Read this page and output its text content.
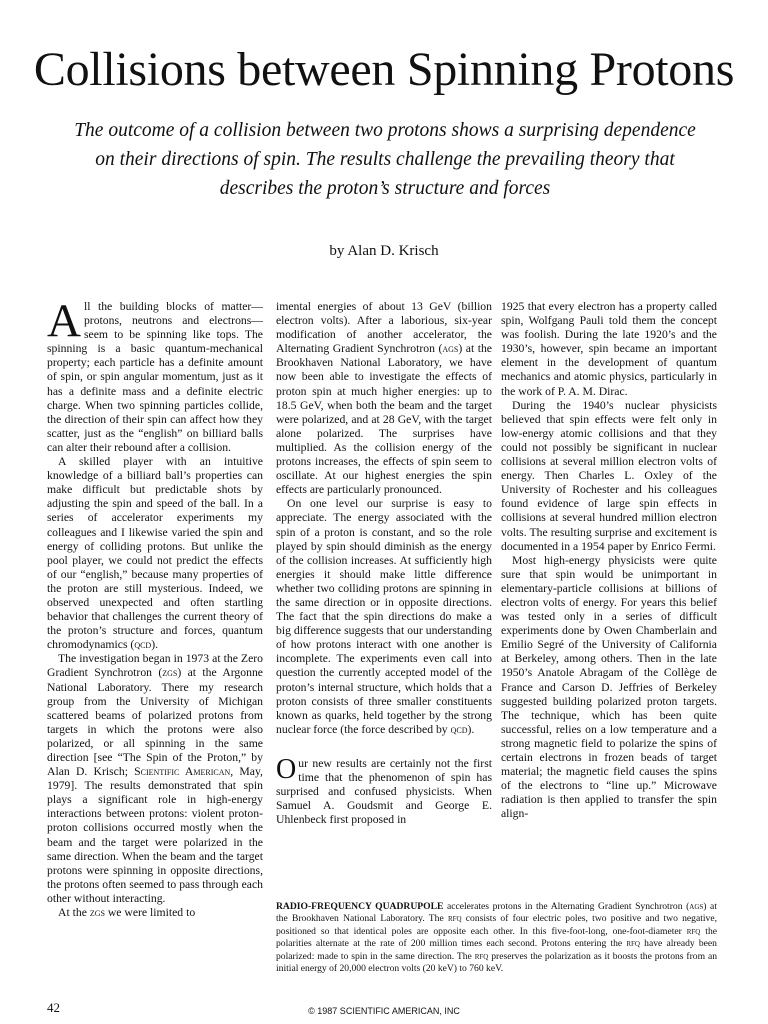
Collisions between Spinning Protons

The outcome of a collision between two protons shows a surprising dependence on their directions of spin. The results challenge the prevailing theory that describes the proton’s structure and forces

by Alan D. Krisch

All the building blocks of matter—protons, neutrons and electrons—seem to be spinning like tops. The spinning is a basic quantum-mechanical property; each particle has a definite amount of spin, or spin angular momentum, just as it has a definite mass and a definite electric charge. When two spinning particles collide, the direction of their spin can affect how they scatter, just as the “english” on billiard balls can alter their rebound after a collision.

A skilled player with an intuitive knowledge of a billiard ball’s properties can make difficult but predictable shots by adjusting the spin and speed of the ball. In a series of accelerator experiments my colleagues and I likewise varied the spin and energy of colliding protons. But unlike the pool player, we could not predict the effects of our “english,” because many properties of the proton are still mysterious. Indeed, we observed unexpected and often startling behavior that challenges the current theory of the proton’s structure and forces, quantum chromodynamics (qcd).

The investigation began in 1973 at the Zero Gradient Synchrotron (zgs) at the Argonne National Laboratory. There my research group from the University of Michigan scattered beams of polarized protons from targets in which the protons were also polarized, or all spinning in the same direction [see “The Spin of the Proton,” by Alan D. Krisch; Scientific American, May, 1979]. The results demonstrated that spin plays a significant role in high-energy interactions between protons: violent proton-proton collisions occurred mostly when the beam and the target were polarized in the same direction. When the beam and the target protons were spinning in opposite directions, the protons often seemed to pass through each other without interacting.

At the zgs we were limited to

imental energies of about 13 GeV (billion electron volts). After a laborious, six-year modification of another accelerator, the Alternating Gradient Synchrotron (ags) at the Brookhaven National Laboratory, we have now been able to investigate the effects of proton spin at much higher energies: up to 18.5 GeV, when both the beam and the target were polarized, and at 28 GeV, with the target alone polarized. The surprises have multiplied. As the collision energy of the protons increases, the effects of spin seem to oscillate. At our highest energies the spin effects are particularly pronounced.

On one level our surprise is easy to appreciate. The energy associated with the spin of a proton is constant, and so the role played by spin should diminish as the energy of the collision increases. At sufficiently high energies it should make little difference whether two colliding protons are spinning in the same direction or in opposite directions. The fact that the spin directions do make a big difference suggests that our understanding of how protons interact with one another is incomplete. The experiments even call into question the currently accepted model of the proton’s internal structure, which holds that a proton consists of three smaller constituents known as quarks, held together by the strong nuclear force (the force described by qcd).

Our new results are certainly not the first time that the phenomenon of spin has surprised and confused physicists. When Samuel A. Goudsmit and George E. Uhlenbeck first proposed in

1925 that every electron has a property called spin, Wolfgang Pauli told them the concept was foolish. During the late 1920’s and the 1930’s, however, spin became an important element in the development of quantum mechanics and atomic physics, particularly in the work of P. A. M. Dirac.

During the 1940’s nuclear physicists believed that spin effects were felt only in low-energy atomic collisions and that they could not possibly be significant in nuclear collisions at several million electron volts of energy. Then Charles L. Oxley of the University of Rochester and his colleagues found evidence of large spin effects in collisions at several hundred million electron volts. The resulting surprise and excitement is documented in a 1954 paper by Enrico Fermi.

Most high-energy physicists were quite sure that spin would be unimportant in elementary-particle collisions at billions of electron volts of energy. For years this belief was tested only in a series of difficult experiments done by Owen Chamberlain and Emilio Segré of the University of California at Berkeley, among others. Then in the late 1950’s Anatole Abragam of the Collège de France and Carson D. Jeffries of Berkeley suggested building polarized proton targets. The technique, which has been quite successful, relies on a low temperature and a strong magnetic field to polarize the spins of certain electrons in frozen beads of target material; the magnetic field causes the spins of the electrons to “line up.” Microwave radiation is then applied to transfer the spin align-

RADIO-FREQUENCY QUADRUPOLE accelerates protons in the Alternating Gradient Synchrotron (ags) at the Brookhaven National Laboratory. The rfq consists of four electric poles, two positive and two negative, positioned so that identical poles are opposite each other. In this five-foot-long, one-foot-diameter rfq the polarities alternate at the rate of 200 million times each second. Protons entering the rfq have already been polarized: made to spin in the same direction. The rfq preserves the polarization as it boosts the protons from an initial energy of 20,000 electron volts (20 keV) to 760 keV.

42	© 1987 SCIENTIFIC AMERICAN, INC
